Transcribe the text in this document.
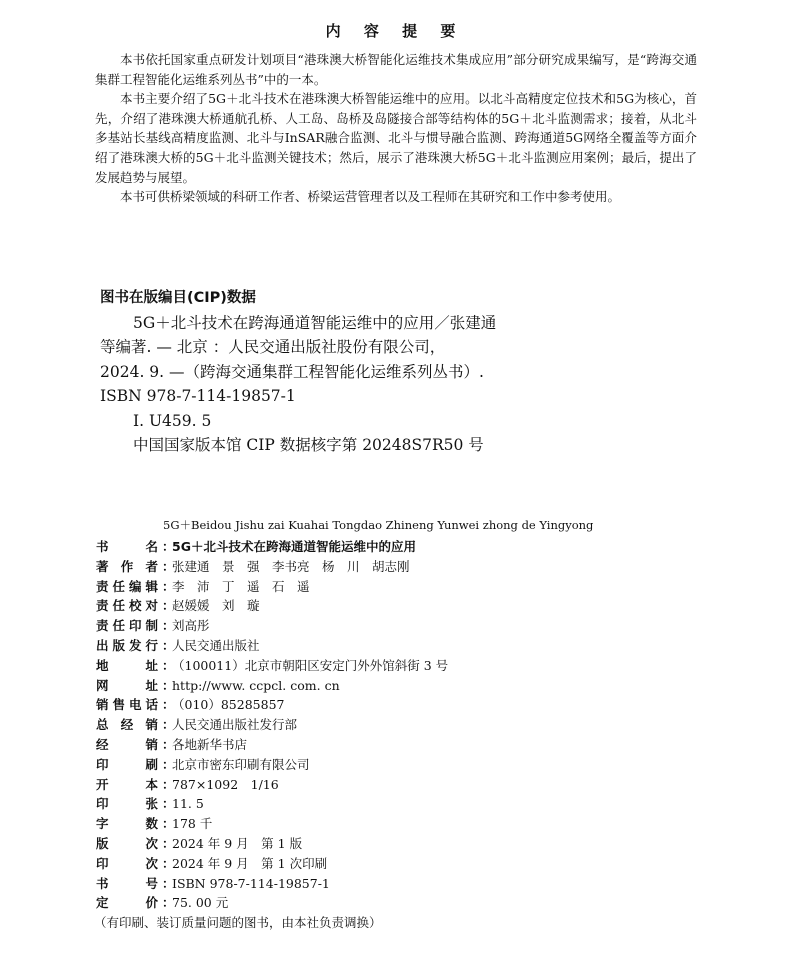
内 容 提 要

本书依托国家重点研发计划项目“港珠澳大桥智能化运维技术集成应用”部分研究成果编写，是“跨海交通集群工程智能化运维系列丛书”中的一本。

本书主要介绍了5G＋北斗技术在港珠澳大桥智能运维中的应用。以北斗高精度定位技术和5G为核心，首先，介绍了港珠澳大桥通航孔桥、人工岛、岛桥及岛隧接合部等结构体的5G＋北斗监测需求；接着，从北斗多基站长基线高精度监测、北斗与InSAR融合监测、北斗与惯导融合监测、跨海通道5G网络全覆盖等方面介绍了港珠澳大桥的5G＋北斗监测关键技术；然后，展示了港珠澳大桥5G＋北斗监测应用案例；最后，提出了发展趋势与展望。

本书可供桥梁领域的科研工作者、桥梁运营管理者以及工程师在其研究和工作中参考使用。

图书在版编目(CIP)数据
5G＋北斗技术在跨海通道智能运维中的应用／张建通
等编著. — 北京 ：人民交通出版社股份有限公司，
2024. 9. —（跨海交通集群工程智能化运维系列丛书）.
ISBN 978-7-114-19857-1
Ⅰ. U459. 5
中国国家版本馆 CIP 数据核字第 20248S7R50 号
5G＋Beidou Jishu zai Kuahai Tongdao Zhineng Yunwei zhong de Yingyong
书	名 ：
5G＋北斗技术在跨海通道智能运维中的应用
著 作 者 ：
张建通　景　强　李书亮　杨　川　胡志刚
责 任 编 辑 ：
李　沛　丁　遥　石　遥
责 任 校 对 ：
赵媛媛　刘　璇
责 任 印 制 ：
刘高彤
出 版 发 行 ：
人民交通出版社
地	址 ：
（100011）北京市朝阳区安定门外外馆斜街 3 号
网	址 ：
http://www. ccpcl. com. cn
销 售 电 话 ：
（010）85285857
总 经 销 ：
人民交通出版社发行部
经	销 ：
各地新华书店
印	刷 ：
北京市密东印刷有限公司
开	本 ：
787×1092　1/16
印	张 ：
11. 5
字	数 ：
178 千
版	次 ：
2024 年 9 月　第 1 版
印	次 ：
2024 年 9 月　第 1 次印刷
书	号 ：
ISBN 978-7-114-19857-1
定	价 ：
75. 00 元
（有印刷、装订质量问题的图书，由本社负责调换）
